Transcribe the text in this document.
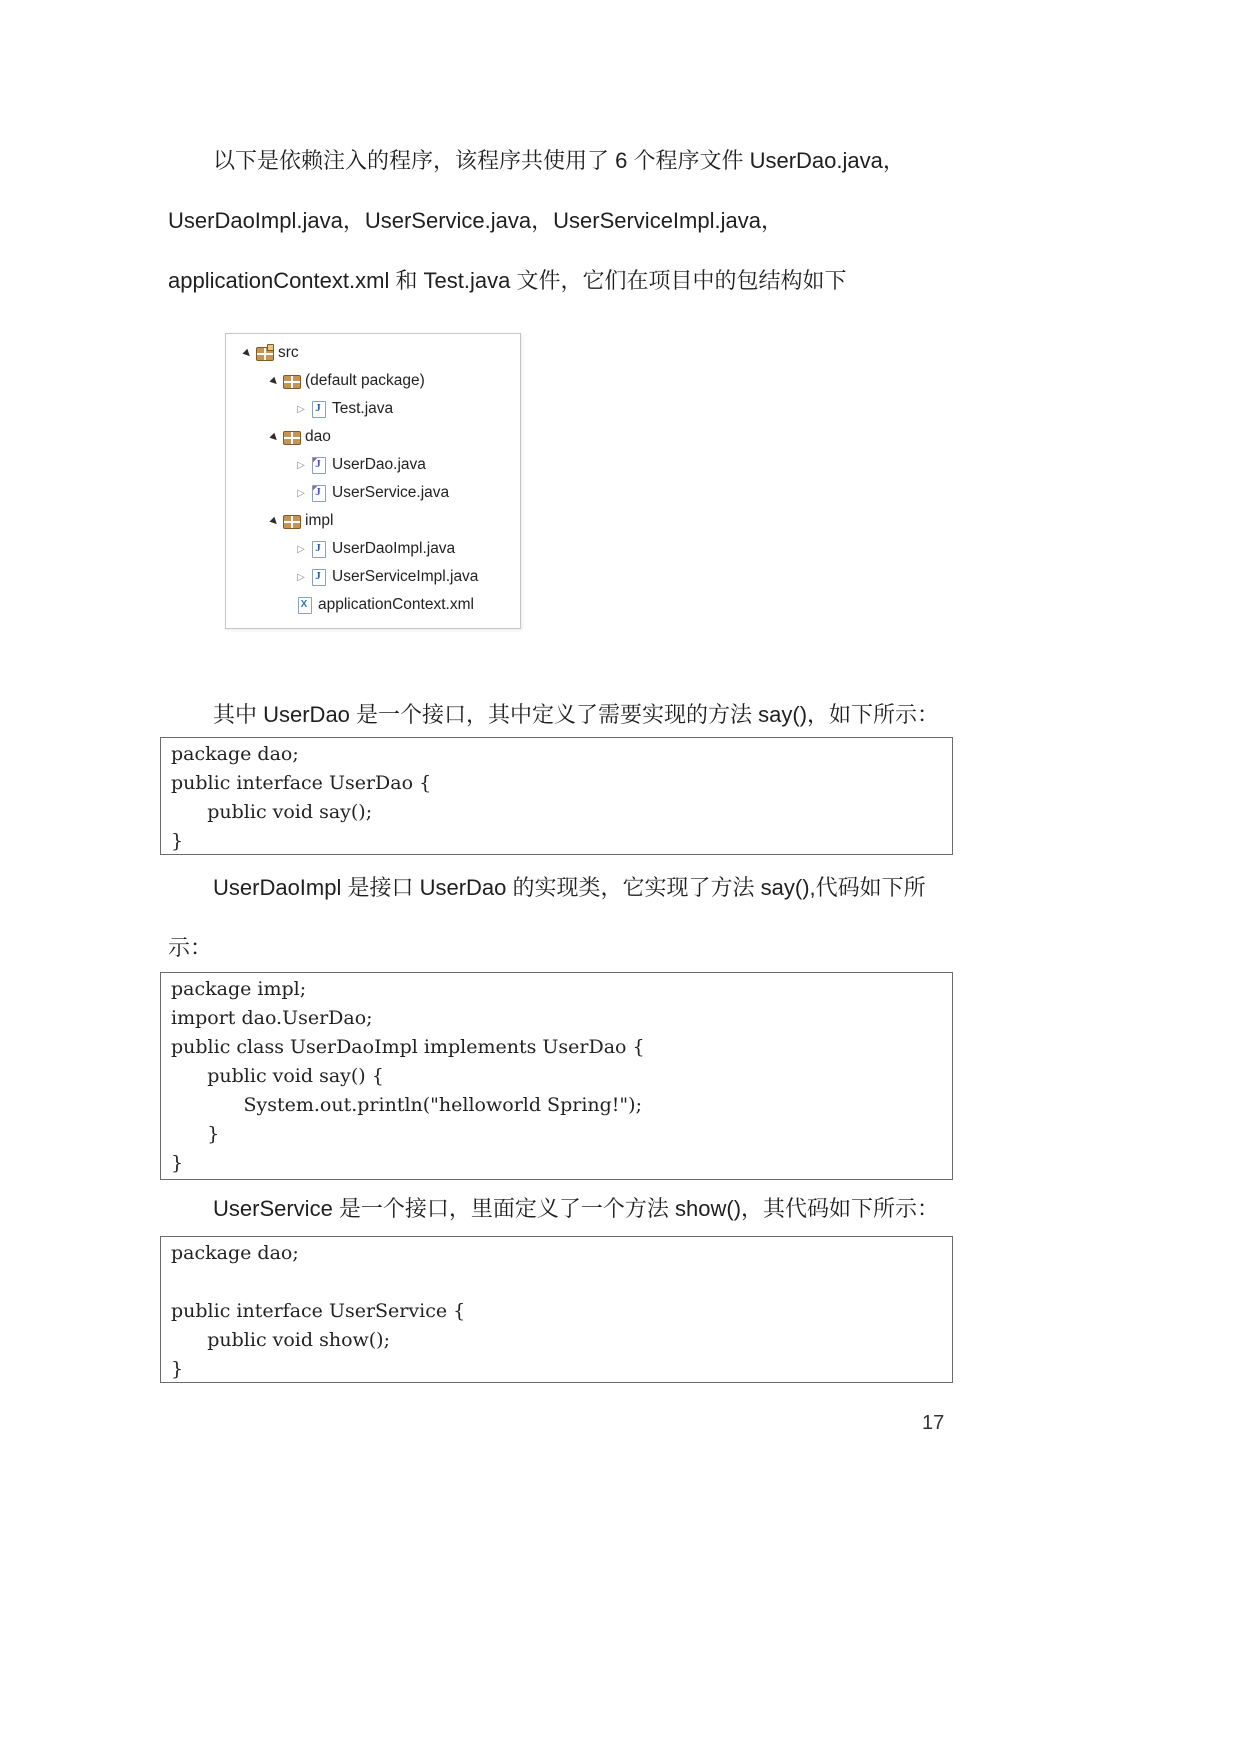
以下是依赖注入的程序，该程序共使用了 6 个程序文件 UserDao.java，
UserDaoImpl.java，UserService.java，UserServiceImpl.java，
applicationContext.xml 和 Test.java 文件，它们在项目中的包结构如下
▶
src
▶
(default package)
▷
J
Test.java
▶
dao
▷
J
UserDao.java
▷
J
UserService.java
▶
impl
▷
J
UserDaoImpl.java
▷
J
UserServiceImpl.java
X
applicationContext.xml
其中 UserDao 是一个接口，其中定义了需要实现的方法 say()，如下所示：
package dao;
public interface UserDao {
public void say();
}
UserDaoImpl 是接口 UserDao 的实现类，它实现了方法 say(),代码如下所
示：
package impl;
import dao.UserDao;
public class UserDaoImpl implements UserDao {
public void say() {
System.out.println("helloworld Spring!");
}
}
UserService 是一个接口，里面定义了一个方法 show()，其代码如下所示：
package dao;

public interface UserService {
public void show();
}
17
